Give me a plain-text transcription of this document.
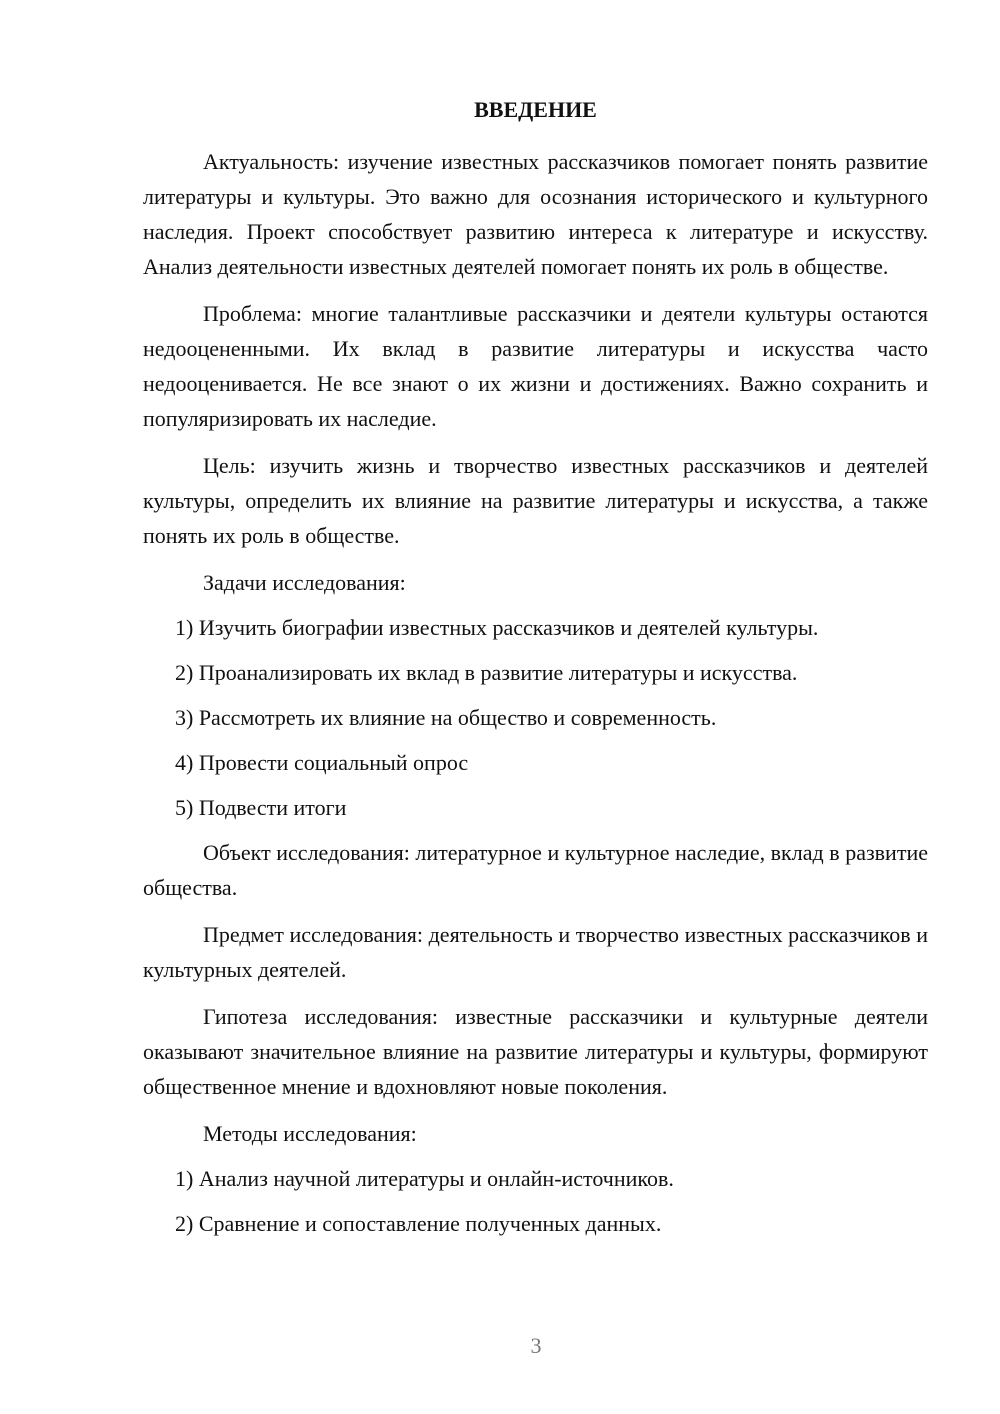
ВВЕДЕНИЕ

Актуальность: изучение известных рассказчиков помогает понять развитие литературы и культуры. Это важно для осознания исторического и культурного наследия. Проект способствует развитию интереса к литературе и искусству. Анализ деятельности известных деятелей помогает понять их роль в обществе.

Проблема: многие талантливые рассказчики и деятели культуры остаются недооцененными. Их вклад в развитие литературы и искусства часто недооценивается. Не все знают о их жизни и достижениях. Важно сохранить и популяризировать их наследие.

Цель: изучить жизнь и творчество известных рассказчиков и деятелей культуры, определить их влияние на развитие литературы и искусства, а также понять их роль в обществе.

Задачи исследования:

1) Изучить биографии известных рассказчиков и деятелей культуры.
2) Проанализировать их вклад в развитие литературы и искусства.
3) Рассмотреть их влияние на общество и современность.
4) Провести социальный опрос
5) Подвести итоги

Объект исследования: литературное и культурное наследие, вклад в развитие общества.

Предмет исследования: деятельность и творчество известных рассказчиков и культурных деятелей.

Гипотеза исследования: известные рассказчики и культурные деятели оказывают значительное влияние на развитие литературы и культуры, формируют общественное мнение и вдохновляют новые поколения.

Методы исследования:

1) Анализ научной литературы и онлайн-источников.
2) Сравнение и сопоставление полученных данных.
3
